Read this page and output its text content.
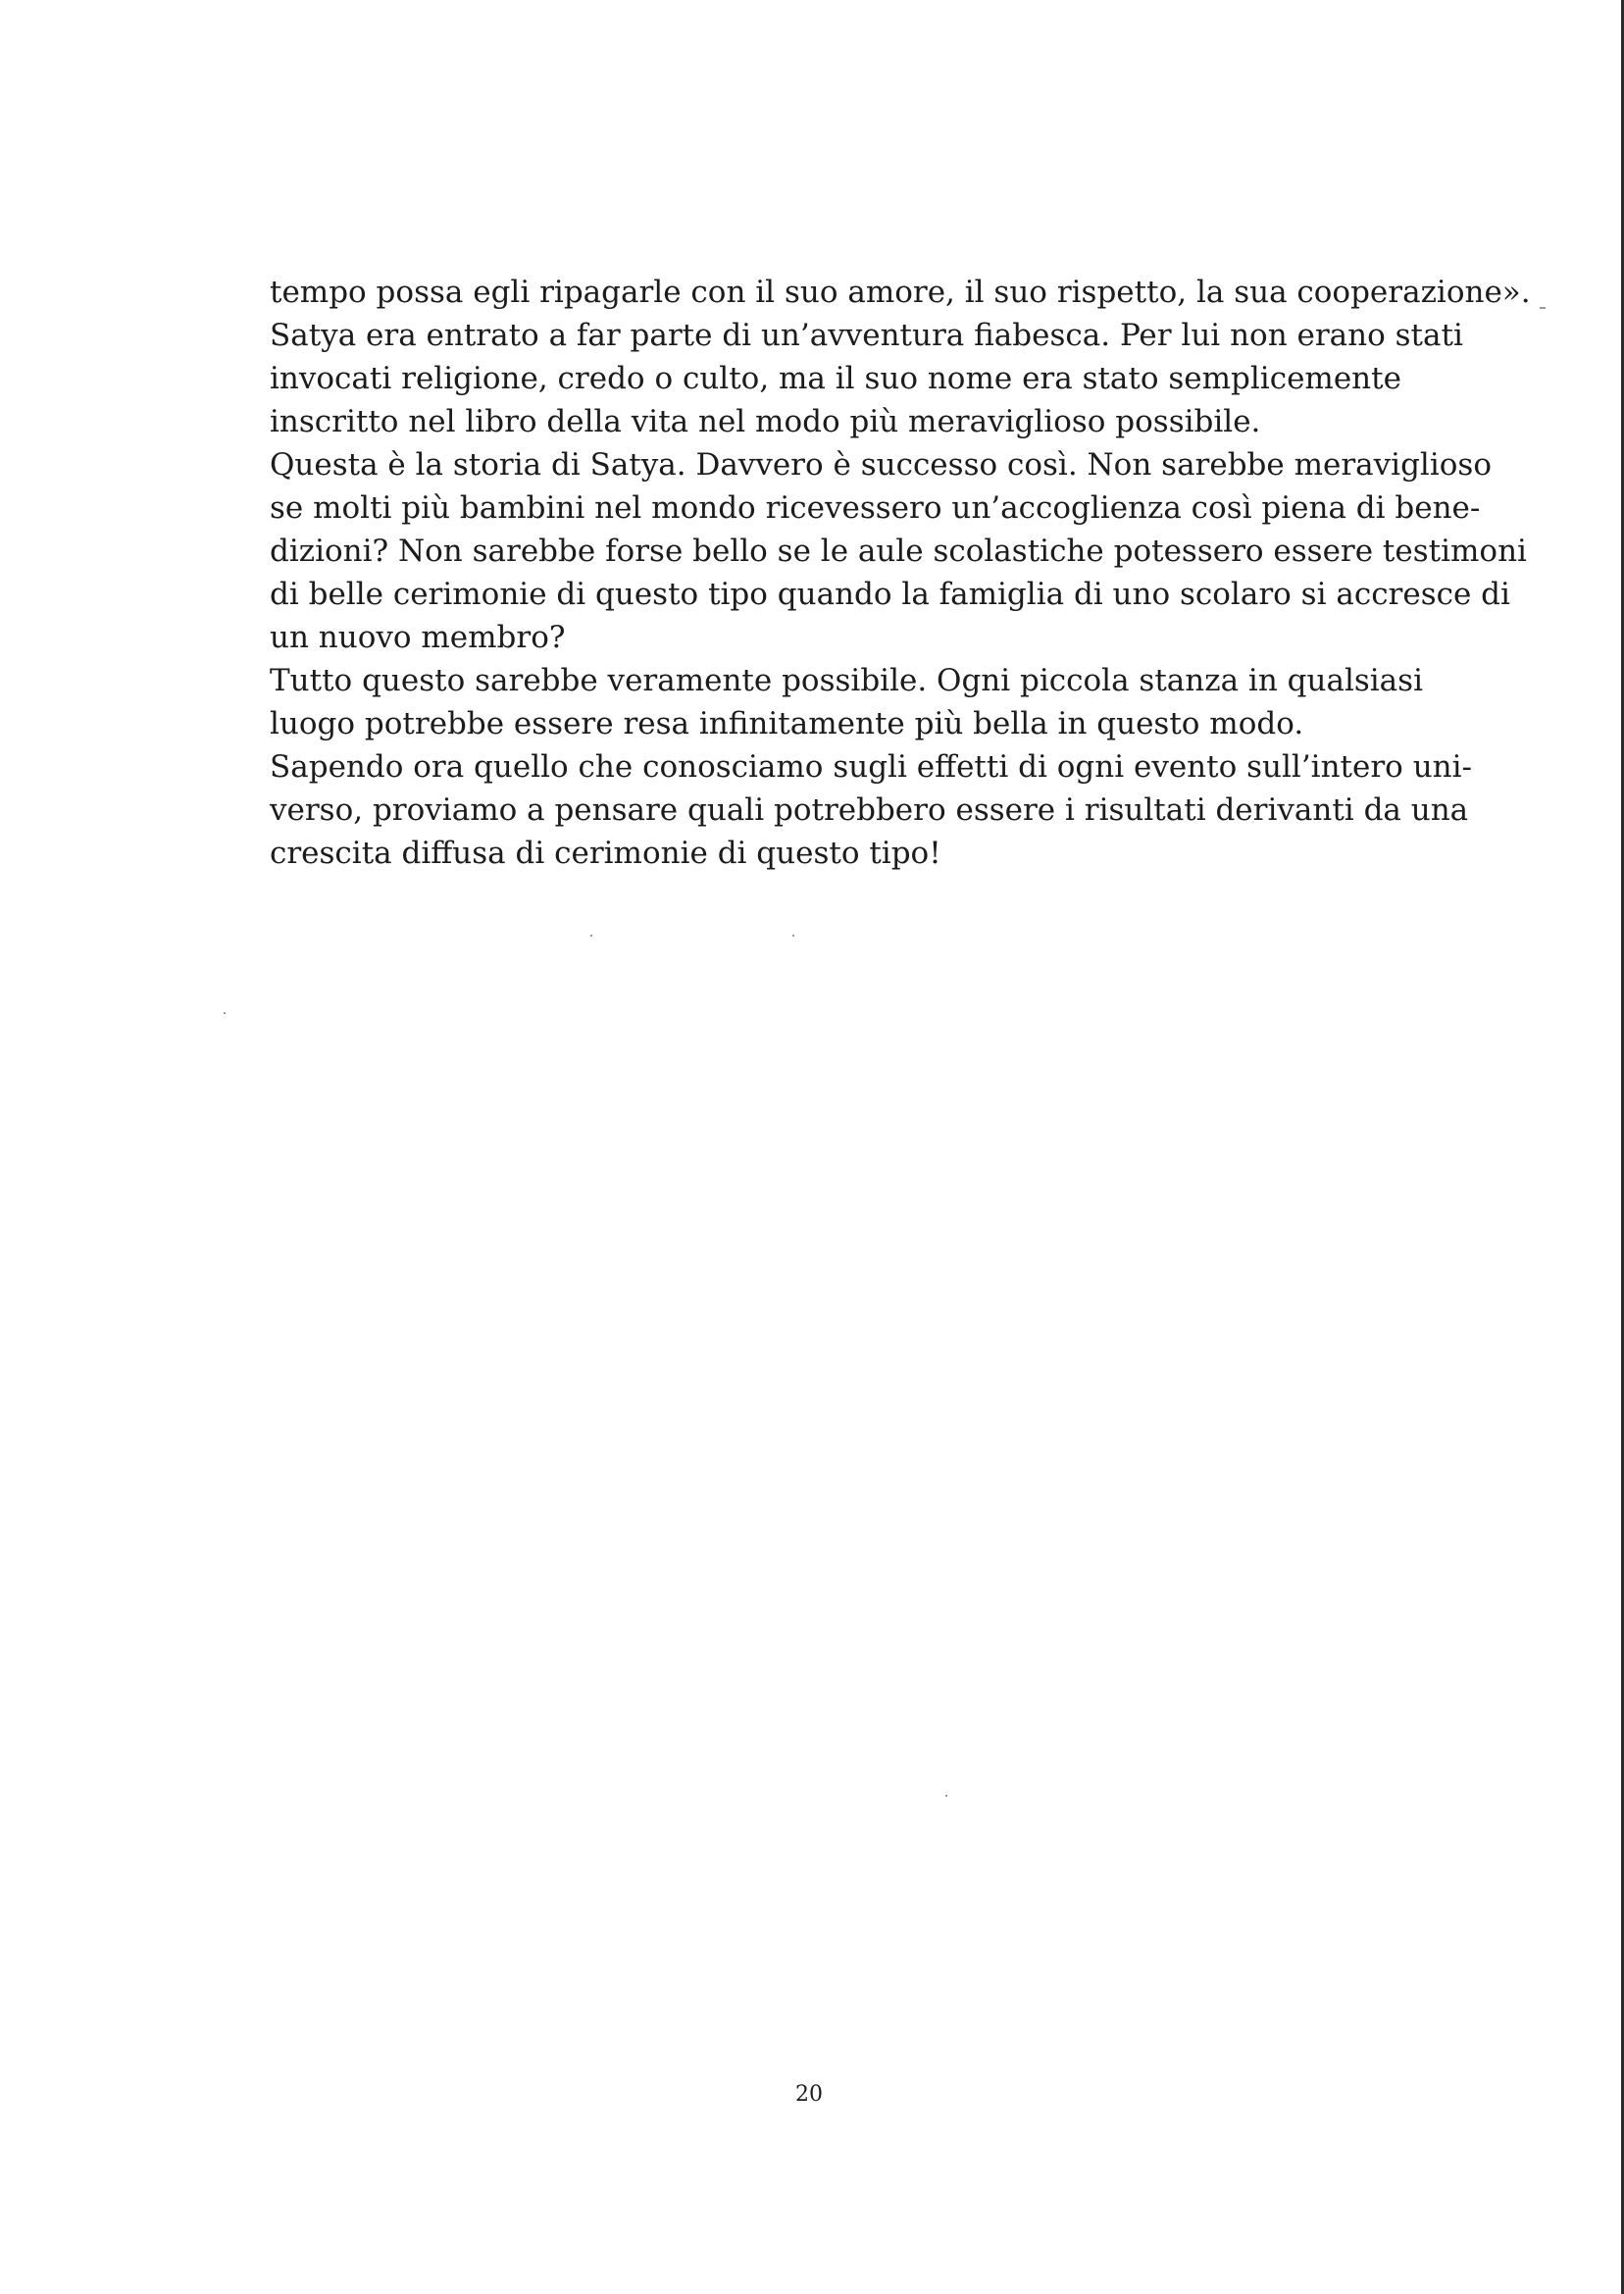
tempo possa egli ripagarle con il suo amore, il suo rispetto, la sua cooperazione».
Satya era entrato a far parte di un’avventura fiabesca. Per lui non erano stati
invocati religione, credo o culto, ma il suo nome era stato semplicemente
inscritto nel libro della vita nel modo più meraviglioso possibile.
Questa è la storia di Satya. Davvero è successo così. Non sarebbe meraviglioso
se molti più bambini nel mondo ricevessero un’accoglienza così piena di bene-
dizioni? Non sarebbe forse bello se le aule scolastiche potessero essere testimoni
di belle cerimonie di questo tipo quando la famiglia di uno scolaro si accresce di
un nuovo membro?
Tutto questo sarebbe veramente possibile. Ogni piccola stanza in qualsiasi
luogo potrebbe essere resa infinitamente più bella in questo modo.
Sapendo ora quello che conosciamo sugli effetti di ogni evento sull’intero uni-
verso, proviamo a pensare quali potrebbero essere i risultati derivanti da una
crescita diffusa di cerimonie di questo tipo!
20
